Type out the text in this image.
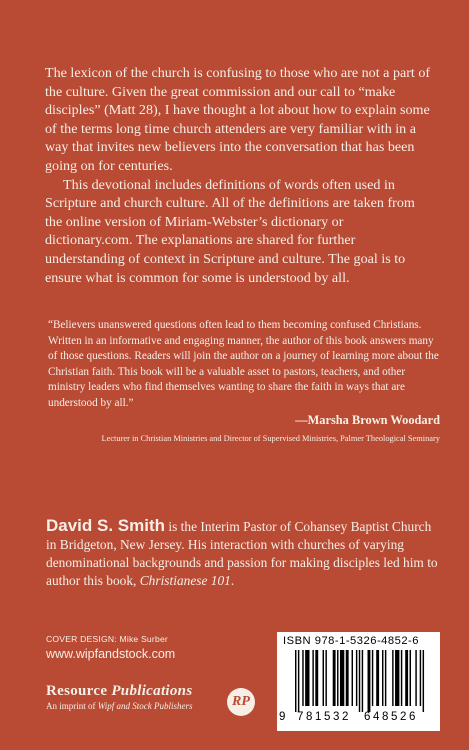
The lexicon of the church is confusing to those who are not a part of the culture. Given the great commission and our call to “make disciples” (Matt 28), I have thought a lot about how to explain some of the terms long time church attenders are very familiar with in a way that invites new believers into the conversation that has been going on for centuries.

This devotional includes definitions of words often used in Scripture and church culture. All of the definitions are taken from the online version of Miriam-Webster’s dictionary or dictionary.com. The explanations are shared for further understanding of context in Scripture and culture. The goal is to ensure what is common for some is understood by all.

“Believers unanswered questions often lead to them becoming confused Christians. Written in an informative and engaging manner, the author of this book answers many of those questions. Readers will join the author on a journey of learning more about the Christian faith. This book will be a valuable asset to pastors, teachers, and other ministry leaders who find themselves wanting to share the faith in ways that are understood by all.”

—Marsha Brown Woodard
Lecturer in Christian Ministries and Director of Supervised Ministries, Palmer Theological Seminary
David S. Smith is the Interim Pastor of Cohansey Baptist Church in Bridgeton, New Jersey. His interaction with churches of varying denominational backgrounds and passion for making disciples led him to author this book, Christianese 101.
COVER DESIGN: Mike Surber
www.wipfandstock.com
Resource Publications
An imprint of Wipf and Stock Publishers	RP
ISBN 978-1-5326-4852-6
9 781532 648526
